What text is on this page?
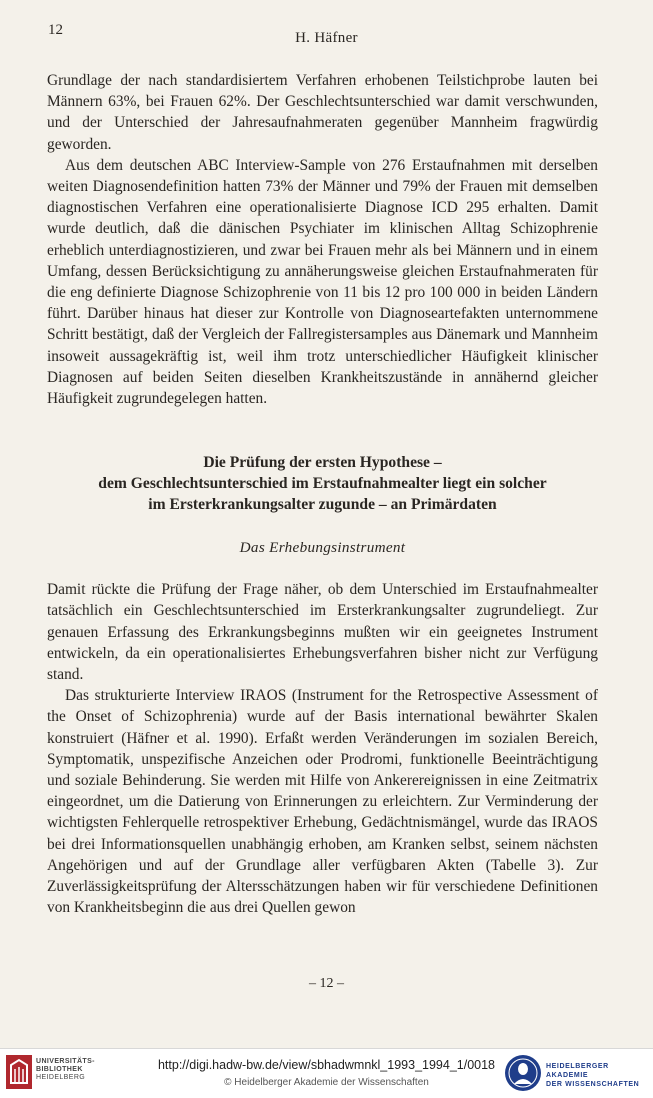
12	H. Häfner

Grundlage der nach standardisiertem Verfahren erhobenen Teilstichprobe lauten bei Männern 63%, bei Frauen 62%. Der Geschlechtsunterschied war damit verschwunden, und der Unterschied der Jahresaufnahmeraten gegenüber Mannheim fragwürdig geworden.

Aus dem deutschen ABC Interview-Sample von 276 Erstaufnahmen mit derselben weiten Diagnosendefinition hatten 73% der Männer und 79% der Frauen mit demselben diagnostischen Verfahren eine operationalisierte Diagnose ICD 295 erhalten. Damit wurde deutlich, daß die dänischen Psychiater im klinischen Alltag Schizophrenie erheblich unterdiagnostizieren, und zwar bei Frauen mehr als bei Männern und in einem Umfang, dessen Berücksichtigung zu annäherungsweise gleichen Erstaufnahmeraten für die eng definierte Diagnose Schizophrenie von 11 bis 12 pro 100 000 in beiden Ländern führt. Darüber hinaus hat dieser zur Kontrolle von Diagnoseartefakten unternommene Schritt bestätigt, daß der Vergleich der Fallregistersamples aus Dänemark und Mannheim insoweit aussagekräftig ist, weil ihm trotz unterschiedlicher Häufigkeit klinischer Diagnosen auf beiden Seiten dieselben Krankheitszustände in annähernd gleicher Häufigkeit zugrundegelegen hatten.

Die Prüfung der ersten Hypothese –
dem Geschlechtsunterschied im Erstaufnahmealter liegt ein solcher
im Ersterkrankungsalter zugunde – an Primärdaten
Das Erhebungsinstrument

Damit rückte die Prüfung der Frage näher, ob dem Unterschied im Erstaufnahmealter tatsächlich ein Geschlechtsunterschied im Ersterkrankungsalter zugrundeliegt. Zur genauen Erfassung des Erkrankungsbeginns mußten wir ein geeignetes Instrument entwickeln, da ein operationalisiertes Erhebungsverfahren bisher nicht zur Verfügung stand.

Das strukturierte Interview IRAOS (Instrument for the Retrospective Assessment of the Onset of Schizophrenia) wurde auf der Basis international bewährter Skalen konstruiert (Häfner et al. 1990). Erfaßt werden Veränderungen im sozialen Bereich, Symptomatik, unspezifische Anzeichen oder Prodromi, funktionelle Beeinträchtigung und soziale Behinderung. Sie werden mit Hilfe von Ankerereignissen in eine Zeitmatrix eingeordnet, um die Datierung von Erinnerungen zu erleichtern. Zur Verminderung der wichtigsten Fehlerquelle retrospektiver Erhebung, Gedächtnismängel, wurde das IRAOS bei drei Informationsquellen unabhängig erhoben, am Kranken selbst, seinem nächsten Angehörigen und auf der Grundlage aller verfügbaren Akten (Tabelle 3). Zur Zuverlässigkeitsprüfung der Altersschätzungen haben wir für verschiedene Definitionen von Krankheitsbeginn die aus drei Quellen gewon

– 12 –
UNIVERSITÄTS-
BIBLIOTHEK
HEIDELBERG
http://digi.hadw-bw.de/view/sbhadwmnkl_1993_1994_1/0018
© Heidelberger Akademie der Wissenschaften
HEIDELBERGER AKADEMIE
DER WISSENSCHAFTEN
